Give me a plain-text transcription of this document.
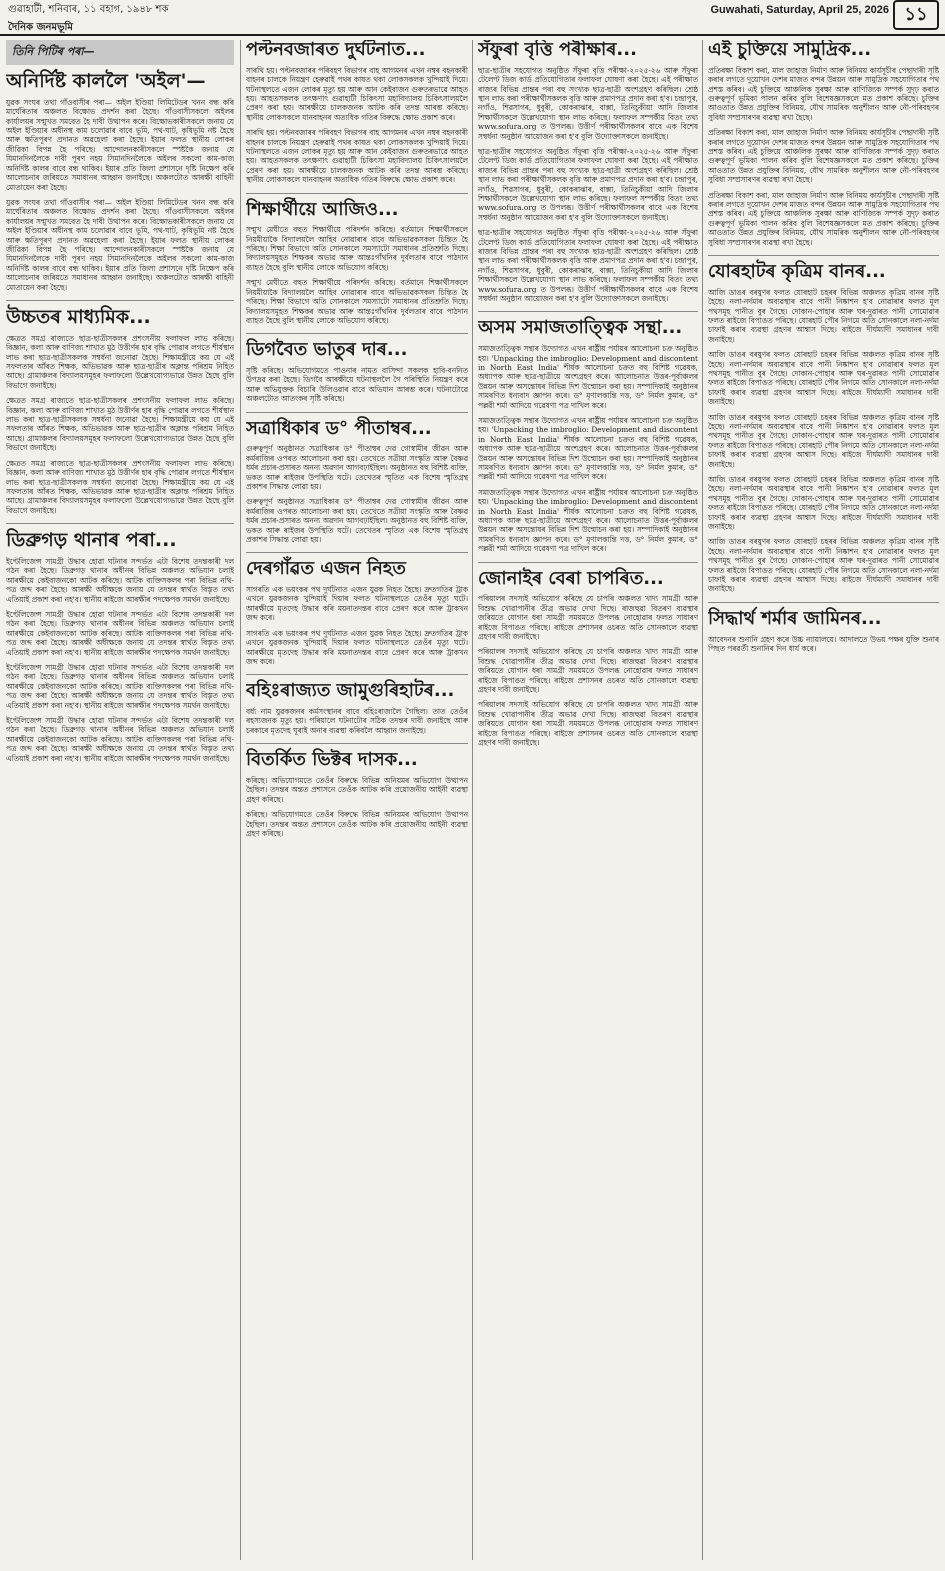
গুৱাহাটী, শনিবাৰ, ১১ বহাগ, ১৯৪৮ শক	Guwahati, Saturday, April 25, 2026 ১১
দৈনিক জনমভূমি
তিনি পিটিৰ পৰা—
অনিৰ্দিষ্ট কাললৈ 'অইল'—
যুৱক সংঘৰ তথা গাঁওবাসীৰ পৰা— অইল ইণ্ডিয়া লিমিটেডৰ খনন বন্ধ কৰি মাৰ্ঘেৰিতাৰ অঞ্চলত বিক্ষোভ প্ৰদৰ্শন কৰা হৈছে। গাঁওবাসীসকলে অইলৰ কাৰ্যালয়ৰ সন্মুখত সমবেত হৈ দাবী উত্থাপন কৰে। বিক্ষোভকাৰীসকলে জনায় যে অইল ইণ্ডিয়াৰ অধীনস্থ কাম চলোৱাৰ বাবে ভূমি, পথ-ঘাট, কৃষিভূমি নষ্ট হৈছে আৰু ক্ষতিপূৰণ প্ৰদানত অৱহেলা কৰা হৈছে। ইয়াৰ ফলত স্থানীয় লোকৰ জীৱিকা বিপন্ন হৈ পৰিছে। আন্দোলনকাৰীসকলে স্পষ্টকৈ জনায় যে যিমানদিনলৈকে দাবী পূৰণ নহয় সিমানদিনলৈকে অইলৰ সকলো কাম-কাজ অনিৰ্দিষ্ট কালৰ বাবে বন্ধ থাকিব। ইয়াৰ প্ৰতি জিলা প্ৰশাসনে দৃষ্টি নিক্ষেপ কৰি আলোচনাৰ জৰিয়তে সমাধানৰ আহ্বান জনাইছে। অঞ্চলটোত আৰক্ষী বাহিনী মোতায়েন কৰা হৈছে।
যুৱক সংঘৰ তথা গাঁওবাসীৰ পৰা— অইল ইণ্ডিয়া লিমিটেডৰ খনন বন্ধ কৰি মাৰ্ঘেৰিতাৰ অঞ্চলত বিক্ষোভ প্ৰদৰ্শন কৰা হৈছে। গাঁওবাসীসকলে অইলৰ কাৰ্যালয়ৰ সন্মুখত সমবেত হৈ দাবী উত্থাপন কৰে। বিক্ষোভকাৰীসকলে জনায় যে অইল ইণ্ডিয়াৰ অধীনস্থ কাম চলোৱাৰ বাবে ভূমি, পথ-ঘাট, কৃষিভূমি নষ্ট হৈছে আৰু ক্ষতিপূৰণ প্ৰদানত অৱহেলা কৰা হৈছে। ইয়াৰ ফলত স্থানীয় লোকৰ জীৱিকা বিপন্ন হৈ পৰিছে। আন্দোলনকাৰীসকলে স্পষ্টকৈ জনায় যে যিমানদিনলৈকে দাবী পূৰণ নহয় সিমানদিনলৈকে অইলৰ সকলো কাম-কাজ অনিৰ্দিষ্ট কালৰ বাবে বন্ধ থাকিব। ইয়াৰ প্ৰতি জিলা প্ৰশাসনে দৃষ্টি নিক্ষেপ কৰি আলোচনাৰ জৰিয়তে সমাধানৰ আহ্বান জনাইছে। অঞ্চলটোত আৰক্ষী বাহিনী মোতায়েন কৰা হৈছে।
উচ্চতৰ মাধ্যমিক...
ক্ষেত্ৰত সমগ্ৰ ৰাজ্যতে ছাত্ৰ-ছাত্ৰীসকলৰ প্ৰশংসনীয় ফলাফল লাভ কৰিছে। বিজ্ঞান, কলা আৰু বাণিজ্য শাখাত মুঠ উত্তীৰ্ণৰ হাৰ বৃদ্ধি পোৱাৰ লগতে শীৰ্ষস্থান লাভ কৰা ছাত্ৰ-ছাত্ৰীসকলক সম্বৰ্ধনা জনোৱা হৈছে। শিক্ষামন্ত্ৰীয়ে কয় যে এই সফলতাৰ আঁৰত শিক্ষক, অভিভাৱক আৰু ছাত্ৰ-ছাত্ৰীৰ অক্লান্ত পৰিশ্ৰম নিহিত আছে। গ্ৰামাঞ্চলৰ বিদ্যালয়সমূহৰ ফলাফলো উল্লেখযোগ্যভাৱে উন্নত হৈছে বুলি বিভাগে জনাইছে।
ক্ষেত্ৰত সমগ্ৰ ৰাজ্যতে ছাত্ৰ-ছাত্ৰীসকলৰ প্ৰশংসনীয় ফলাফল লাভ কৰিছে। বিজ্ঞান, কলা আৰু বাণিজ্য শাখাত মুঠ উত্তীৰ্ণৰ হাৰ বৃদ্ধি পোৱাৰ লগতে শীৰ্ষস্থান লাভ কৰা ছাত্ৰ-ছাত্ৰীসকলক সম্বৰ্ধনা জনোৱা হৈছে। শিক্ষামন্ত্ৰীয়ে কয় যে এই সফলতাৰ আঁৰত শিক্ষক, অভিভাৱক আৰু ছাত্ৰ-ছাত্ৰীৰ অক্লান্ত পৰিশ্ৰম নিহিত আছে। গ্ৰামাঞ্চলৰ বিদ্যালয়সমূহৰ ফলাফলো উল্লেখযোগ্যভাৱে উন্নত হৈছে বুলি বিভাগে জনাইছে।
ক্ষেত্ৰত সমগ্ৰ ৰাজ্যতে ছাত্ৰ-ছাত্ৰীসকলৰ প্ৰশংসনীয় ফলাফল লাভ কৰিছে। বিজ্ঞান, কলা আৰু বাণিজ্য শাখাত মুঠ উত্তীৰ্ণৰ হাৰ বৃদ্ধি পোৱাৰ লগতে শীৰ্ষস্থান লাভ কৰা ছাত্ৰ-ছাত্ৰীসকলক সম্বৰ্ধনা জনোৱা হৈছে। শিক্ষামন্ত্ৰীয়ে কয় যে এই সফলতাৰ আঁৰত শিক্ষক, অভিভাৱক আৰু ছাত্ৰ-ছাত্ৰীৰ অক্লান্ত পৰিশ্ৰম নিহিত আছে। গ্ৰামাঞ্চলৰ বিদ্যালয়সমূহৰ ফলাফলো উল্লেখযোগ্যভাৱে উন্নত হৈছে বুলি বিভাগে জনাইছে।
ডিব্ৰুগড় থানাৰ পৰা...
ইণ্টেলিজেন্স সামগ্ৰী উদ্ধাৰ হোৱা ঘটনাৰ সন্দৰ্ভত এটা বিশেষ তদন্তকাৰী দল গঠন কৰা হৈছে। ডিব্ৰুগড় থানাৰ অধীনৰ বিভিন্ন অঞ্চলত অভিযান চলাই আৰক্ষীয়ে কেইবাজনকো আটক কৰিছে। আটক ব্যক্তিসকলৰ পৰা বিভিন্ন নথি-পত্ৰ জব্দ কৰা হৈছে। আৰক্ষী অধীক্ষকে জনায় যে তদন্তৰ স্বাৰ্থত বিস্তৃত তথ্য এতিয়াই প্ৰকাশ কৰা নহ'ব। স্থানীয় ৰাইজে আৰক্ষীৰ পদক্ষেপক সমৰ্থন জনাইছে।
ইণ্টেলিজেন্স সামগ্ৰী উদ্ধাৰ হোৱা ঘটনাৰ সন্দৰ্ভত এটা বিশেষ তদন্তকাৰী দল গঠন কৰা হৈছে। ডিব্ৰুগড় থানাৰ অধীনৰ বিভিন্ন অঞ্চলত অভিযান চলাই আৰক্ষীয়ে কেইবাজনকো আটক কৰিছে। আটক ব্যক্তিসকলৰ পৰা বিভিন্ন নথি-পত্ৰ জব্দ কৰা হৈছে। আৰক্ষী অধীক্ষকে জনায় যে তদন্তৰ স্বাৰ্থত বিস্তৃত তথ্য এতিয়াই প্ৰকাশ কৰা নহ'ব। স্থানীয় ৰাইজে আৰক্ষীৰ পদক্ষেপক সমৰ্থন জনাইছে।
ইণ্টেলিজেন্স সামগ্ৰী উদ্ধাৰ হোৱা ঘটনাৰ সন্দৰ্ভত এটা বিশেষ তদন্তকাৰী দল গঠন কৰা হৈছে। ডিব্ৰুগড় থানাৰ অধীনৰ বিভিন্ন অঞ্চলত অভিযান চলাই আৰক্ষীয়ে কেইবাজনকো আটক কৰিছে। আটক ব্যক্তিসকলৰ পৰা বিভিন্ন নথি-পত্ৰ জব্দ কৰা হৈছে। আৰক্ষী অধীক্ষকে জনায় যে তদন্তৰ স্বাৰ্থত বিস্তৃত তথ্য এতিয়াই প্ৰকাশ কৰা নহ'ব। স্থানীয় ৰাইজে আৰক্ষীৰ পদক্ষেপক সমৰ্থন জনাইছে।
ইণ্টেলিজেন্স সামগ্ৰী উদ্ধাৰ হোৱা ঘটনাৰ সন্দৰ্ভত এটা বিশেষ তদন্তকাৰী দল গঠন কৰা হৈছে। ডিব্ৰুগড় থানাৰ অধীনৰ বিভিন্ন অঞ্চলত অভিযান চলাই আৰক্ষীয়ে কেইবাজনকো আটক কৰিছে। আটক ব্যক্তিসকলৰ পৰা বিভিন্ন নথি-পত্ৰ জব্দ কৰা হৈছে। আৰক্ষী অধীক্ষকে জনায় যে তদন্তৰ স্বাৰ্থত বিস্তৃত তথ্য এতিয়াই প্ৰকাশ কৰা নহ'ব। স্থানীয় ৰাইজে আৰক্ষীৰ পদক্ষেপক সমৰ্থন জনাইছে।
পল্টনবজাৰত দুৰ্ঘটনাত...
সাৰথি হয়। পল্টনবজাৰৰ পৰিবহণ বিভাগৰ বাহ আগমনৰ এখন নম্বৰ বহনকাৰী বাহনৰ চালকে নিয়ন্ত্ৰণ হেৰুৱাই পথৰ কাষত থকা লোকসকলক খুন্দিয়াই দিয়ে। ঘটনাস্থলতে এজন লোকৰ মৃত্যু হয় আৰু আন কেইবাজন গুৰুতৰভাৱে আহত হয়। আহতসকলক তৎক্ষণাৎ গুৱাহাটী চিকিৎসা মহাবিদ্যালয় চিকিৎসালয়লৈ প্ৰেৰণ কৰা হয়। আৰক্ষীয়ে চালকজনক আটক কৰি তদন্ত আৰম্ভ কৰিছে। স্থানীয় লোকসকলে যানবাহনৰ অত্যধিক গতিৰ বিৰুদ্ধে ক্ষোভ প্ৰকাশ কৰে।
সাৰথি হয়। পল্টনবজাৰৰ পৰিবহণ বিভাগৰ বাহ আগমনৰ এখন নম্বৰ বহনকাৰী বাহনৰ চালকে নিয়ন্ত্ৰণ হেৰুৱাই পথৰ কাষত থকা লোকসকলক খুন্দিয়াই দিয়ে। ঘটনাস্থলতে এজন লোকৰ মৃত্যু হয় আৰু আন কেইবাজন গুৰুতৰভাৱে আহত হয়। আহতসকলক তৎক্ষণাৎ গুৱাহাটী চিকিৎসা মহাবিদ্যালয় চিকিৎসালয়লৈ প্ৰেৰণ কৰা হয়। আৰক্ষীয়ে চালকজনক আটক কৰি তদন্ত আৰম্ভ কৰিছে। স্থানীয় লোকসকলে যানবাহনৰ অত্যধিক গতিৰ বিৰুদ্ধে ক্ষোভ প্ৰকাশ কৰে।
শিক্ষাৰ্থীয়ে আজিও...
সন্মুখ মেঘীতে বহুত শিক্ষাৰ্থীয়ে পৰিদৰ্শন কৰিছে। বৰ্তমানে শিক্ষাৰ্থীসকলে নিয়মীয়াকৈ বিদ্যালয়লৈ আহিব নোৱাৰাৰ বাবে অভিভাৱকসকল চিন্তিত হৈ পৰিছে। শিক্ষা বিভাগে অতি সোনকালে সমস্যাটো সমাধানৰ প্ৰতিশ্ৰুতি দিছে। বিদ্যালয়সমূহত শিক্ষকৰ অভাৱ আৰু আন্তঃগাঁথনিৰ দুৰ্বলতাৰ বাবে পাঠদান ব্যাহত হৈছে বুলি স্থানীয় লোকে অভিযোগ কৰিছে।
সন্মুখ মেঘীতে বহুত শিক্ষাৰ্থীয়ে পৰিদৰ্শন কৰিছে। বৰ্তমানে শিক্ষাৰ্থীসকলে নিয়মীয়াকৈ বিদ্যালয়লৈ আহিব নোৱাৰাৰ বাবে অভিভাৱকসকল চিন্তিত হৈ পৰিছে। শিক্ষা বিভাগে অতি সোনকালে সমস্যাটো সমাধানৰ প্ৰতিশ্ৰুতি দিছে। বিদ্যালয়সমূহত শিক্ষকৰ অভাৱ আৰু আন্তঃগাঁথনিৰ দুৰ্বলতাৰ বাবে পাঠদান ব্যাহত হৈছে বুলি স্থানীয় লোকে অভিযোগ কৰিছে।
ডিগবৈত ভাতুৰ দাৰ...
সৃষ্টি কৰিছে। অভিযোগমতে পাওনাৰ নামত বাসিন্দা সকলক হাবি-বননিত উপদ্ৰৱ কৰা হৈছে। ডিগবৈ আৰক্ষীয়ে ঘটনাস্থললৈ গৈ পৰিস্থিতি নিয়ন্ত্ৰণ কৰে আৰু অভিযুক্তক বিচাৰি উলিওৱাৰ বাবে অভিযান আৰম্ভ কৰে। ঘটনাটোৱে অঞ্চলটোত আতংকৰ সৃষ্টি কৰিছে।
সত্ৰাধিকাৰ ড° পীতাম্বৰ...
গুৰুত্বপূৰ্ণ অনুষ্ঠানত সত্ৰাধিকাৰ ড° পীতাম্বৰ দেৱ গোস্বামীৰ জীৱন আৰু কৰ্মৰাজিৰ ওপৰত আলোচনা কৰা হয়। তেখেতে সত্ৰীয়া সংস্কৃতি আৰু বৈষ্ণৱ ধৰ্মৰ প্ৰচাৰ-প্ৰসাৰত অনন্য অৱদান আগবঢ়াইছিল। অনুষ্ঠানত বহু বিশিষ্ট ব্যক্তি, ভকত আৰু ৰাইজৰ উপস্থিতি ঘটে। তেখেতৰ স্মৃতিত এক বিশেষ স্মৃতিগ্ৰন্থ প্ৰকাশৰ সিদ্ধান্ত লোৱা হয়।
গুৰুত্বপূৰ্ণ অনুষ্ঠানত সত্ৰাধিকাৰ ড° পীতাম্বৰ দেৱ গোস্বামীৰ জীৱন আৰু কৰ্মৰাজিৰ ওপৰত আলোচনা কৰা হয়। তেখেতে সত্ৰীয়া সংস্কৃতি আৰু বৈষ্ণৱ ধৰ্মৰ প্ৰচাৰ-প্ৰসাৰত অনন্য অৱদান আগবঢ়াইছিল। অনুষ্ঠানত বহু বিশিষ্ট ব্যক্তি, ভকত আৰু ৰাইজৰ উপস্থিতি ঘটে। তেখেতৰ স্মৃতিত এক বিশেষ স্মৃতিগ্ৰন্থ প্ৰকাশৰ সিদ্ধান্ত লোৱা হয়।
দেৰগাঁৱত এজন নিহত
সাগৰতি এক ভয়ংকৰ পথ দুৰ্ঘটনাত এজন যুৱক নিহত হৈছে। দ্ৰুতগতিৰ ট্ৰাক এখনে যুৱকজনক খুন্দিয়াই দিয়াৰ ফলত ঘটনাস্থলতে তেওঁৰ মৃত্যু ঘটে। আৰক্ষীয়ে মৃতদেহ উদ্ধাৰ কৰি ময়নাতদন্তৰ বাবে প্ৰেৰণ কৰে আৰু ট্ৰাকখন জব্দ কৰে।
সাগৰতি এক ভয়ংকৰ পথ দুৰ্ঘটনাত এজন যুৱক নিহত হৈছে। দ্ৰুতগতিৰ ট্ৰাক এখনে যুৱকজনক খুন্দিয়াই দিয়াৰ ফলত ঘটনাস্থলতে তেওঁৰ মৃত্যু ঘটে। আৰক্ষীয়ে মৃতদেহ উদ্ধাৰ কৰি ময়নাতদন্তৰ বাবে প্ৰেৰণ কৰে আৰু ট্ৰাকখন জব্দ কৰে।
বহিঃৰাজ্যত জামুগুৰিহাটৰ...
বৰ্ধ্য নাম যুৱকজনৰ কৰ্মসংস্থানৰ বাবে বহিঃৰাজ্যলৈ গৈছিল। তাত তেওঁৰ ৰহস্যজনক মৃত্যু হয়। পৰিয়ালে ঘটনাটোৰ সঠিক তদন্তৰ দাবী জনাইছে আৰু চৰকাৰে মৃতদেহ ঘূৰাই অনাৰ ব্যৱস্থা কৰিবলৈ আহ্বান জনাইছে।
বিতৰ্কিত ভিক্টৰ দাসক...
কৰিছে। অভিযোগমতে তেওঁৰ বিৰুদ্ধে বিভিন্ন অনিয়মৰ অভিযোগ উত্থাপন হৈছিল। তদন্তৰ অন্তত প্ৰশাসনে তেওঁক আটক কৰি প্ৰয়োজনীয় আইনী ব্যৱস্থা গ্ৰহণ কৰিছে।
কৰিছে। অভিযোগমতে তেওঁৰ বিৰুদ্ধে বিভিন্ন অনিয়মৰ অভিযোগ উত্থাপন হৈছিল। তদন্তৰ অন্তত প্ৰশাসনে তেওঁক আটক কৰি প্ৰয়োজনীয় আইনী ব্যৱস্থা গ্ৰহণ কৰিছে।
সঁফুৰা বৃত্তি পৰীক্ষাৰ...
ছাত্ৰ-ছাত্ৰীৰ সহযোগত অনুষ্ঠিত সঁফুৰা বৃত্তি পৰীক্ষা-২০২৫-২৬ আৰু সঁফুৰা টেলেণ্ট ডিজ কাৰ্ড প্ৰতিযোগিতাৰ ফলাফল ঘোষণা কৰা হৈছে। এই পৰীক্ষাত ৰাজ্যৰ বিভিন্ন প্ৰান্তৰ পৰা বহু সংখ্যক ছাত্ৰ-ছাত্ৰী অংশগ্ৰহণ কৰিছিল। শ্ৰেষ্ঠ স্থান লাভ কৰা পৰীক্ষাৰ্থীসকলক বৃত্তি আৰু প্ৰমাণপত্ৰ প্ৰদান কৰা হ'ব। চন্দ্ৰাপুৰ, নগাঁও, শিৱসাগৰ, ধুবুৰী, কোকৰাঝাৰ, বাক্সা, তিনিচুকীয়া আদি জিলাৰ শিক্ষাৰ্থীসকলে উল্লেখযোগ্য স্থান লাভ কৰিছে। ফলাফল সম্পৰ্কীয় বিতং তথ্য www.sofura.org ত উপলব্ধ। উত্তীৰ্ণ পৰীক্ষাৰ্থীসকলৰ বাবে এক বিশেষ সম্বৰ্ধনা অনুষ্ঠান আয়োজন কৰা হ'ব বুলি উদ্যোক্তাসকলে জনাইছে।
ছাত্ৰ-ছাত্ৰীৰ সহযোগত অনুষ্ঠিত সঁফুৰা বৃত্তি পৰীক্ষা-২০২৫-২৬ আৰু সঁফুৰা টেলেণ্ট ডিজ কাৰ্ড প্ৰতিযোগিতাৰ ফলাফল ঘোষণা কৰা হৈছে। এই পৰীক্ষাত ৰাজ্যৰ বিভিন্ন প্ৰান্তৰ পৰা বহু সংখ্যক ছাত্ৰ-ছাত্ৰী অংশগ্ৰহণ কৰিছিল। শ্ৰেষ্ঠ স্থান লাভ কৰা পৰীক্ষাৰ্থীসকলক বৃত্তি আৰু প্ৰমাণপত্ৰ প্ৰদান কৰা হ'ব। চন্দ্ৰাপুৰ, নগাঁও, শিৱসাগৰ, ধুবুৰী, কোকৰাঝাৰ, বাক্সা, তিনিচুকীয়া আদি জিলাৰ শিক্ষাৰ্থীসকলে উল্লেখযোগ্য স্থান লাভ কৰিছে। ফলাফল সম্পৰ্কীয় বিতং তথ্য www.sofura.org ত উপলব্ধ। উত্তীৰ্ণ পৰীক্ষাৰ্থীসকলৰ বাবে এক বিশেষ সম্বৰ্ধনা অনুষ্ঠান আয়োজন কৰা হ'ব বুলি উদ্যোক্তাসকলে জনাইছে।
ছাত্ৰ-ছাত্ৰীৰ সহযোগত অনুষ্ঠিত সঁফুৰা বৃত্তি পৰীক্ষা-২০২৫-২৬ আৰু সঁফুৰা টেলেণ্ট ডিজ কাৰ্ড প্ৰতিযোগিতাৰ ফলাফল ঘোষণা কৰা হৈছে। এই পৰীক্ষাত ৰাজ্যৰ বিভিন্ন প্ৰান্তৰ পৰা বহু সংখ্যক ছাত্ৰ-ছাত্ৰী অংশগ্ৰহণ কৰিছিল। শ্ৰেষ্ঠ স্থান লাভ কৰা পৰীক্ষাৰ্থীসকলক বৃত্তি আৰু প্ৰমাণপত্ৰ প্ৰদান কৰা হ'ব। চন্দ্ৰাপুৰ, নগাঁও, শিৱসাগৰ, ধুবুৰী, কোকৰাঝাৰ, বাক্সা, তিনিচুকীয়া আদি জিলাৰ শিক্ষাৰ্থীসকলে উল্লেখযোগ্য স্থান লাভ কৰিছে। ফলাফল সম্পৰ্কীয় বিতং তথ্য www.sofura.org ত উপলব্ধ। উত্তীৰ্ণ পৰীক্ষাৰ্থীসকলৰ বাবে এক বিশেষ সম্বৰ্ধনা অনুষ্ঠান আয়োজন কৰা হ'ব বুলি উদ্যোক্তাসকলে জনাইছে।
অসম সমাজতাত্ত্বিক সন্থা...
সমাজতাত্ত্বিক সন্থাৰ উদ্যোগত এখন ৰাষ্ট্ৰীয় পৰ্যায়ৰ আলোচনা চক্ৰ অনুষ্ঠিত হয়। 'Unpacking the imbroglio: Development and discontent in North East India' শীৰ্ষক আলোচনা চক্ৰত বহু বিশিষ্ট গৱেষক, অধ্যাপক আৰু ছাত্ৰ-ছাত্ৰীয়ে অংশগ্ৰহণ কৰে। আলোচনাত উত্তৰ-পূৰ্বাঞ্চলৰ উন্নয়ন আৰু অসন্তোষৰ বিভিন্ন দিশ উন্মোচন কৰা হয়। সম্পাদিকাই অনুষ্ঠানৰ সামৰণিত ধন্যবাদ জ্ঞাপন কৰে। ড° মৃণালকান্তি দত্ত, ড° নিৰ্মল কুমাৰ, ড° পল্লৱী শৰ্মা আদিয়ে গৱেষণা পত্ৰ দাখিল কৰে।
সমাজতাত্ত্বিক সন্থাৰ উদ্যোগত এখন ৰাষ্ট্ৰীয় পৰ্যায়ৰ আলোচনা চক্ৰ অনুষ্ঠিত হয়। 'Unpacking the imbroglio: Development and discontent in North East India' শীৰ্ষক আলোচনা চক্ৰত বহু বিশিষ্ট গৱেষক, অধ্যাপক আৰু ছাত্ৰ-ছাত্ৰীয়ে অংশগ্ৰহণ কৰে। আলোচনাত উত্তৰ-পূৰ্বাঞ্চলৰ উন্নয়ন আৰু অসন্তোষৰ বিভিন্ন দিশ উন্মোচন কৰা হয়। সম্পাদিকাই অনুষ্ঠানৰ সামৰণিত ধন্যবাদ জ্ঞাপন কৰে। ড° মৃণালকান্তি দত্ত, ড° নিৰ্মল কুমাৰ, ড° পল্লৱী শৰ্মা আদিয়ে গৱেষণা পত্ৰ দাখিল কৰে।
সমাজতাত্ত্বিক সন্থাৰ উদ্যোগত এখন ৰাষ্ট্ৰীয় পৰ্যায়ৰ আলোচনা চক্ৰ অনুষ্ঠিত হয়। 'Unpacking the imbroglio: Development and discontent in North East India' শীৰ্ষক আলোচনা চক্ৰত বহু বিশিষ্ট গৱেষক, অধ্যাপক আৰু ছাত্ৰ-ছাত্ৰীয়ে অংশগ্ৰহণ কৰে। আলোচনাত উত্তৰ-পূৰ্বাঞ্চলৰ উন্নয়ন আৰু অসন্তোষৰ বিভিন্ন দিশ উন্মোচন কৰা হয়। সম্পাদিকাই অনুষ্ঠানৰ সামৰণিত ধন্যবাদ জ্ঞাপন কৰে। ড° মৃণালকান্তি দত্ত, ড° নিৰ্মল কুমাৰ, ড° পল্লৱী শৰ্মা আদিয়ে গৱেষণা পত্ৰ দাখিল কৰে।
জোনাইৰ বেৰা চাপৰিত...
পৰিয়ালৰ সদস্যই অভিযোগ কৰিছে যে চাপৰি অঞ্চলত খাদ্য সামগ্ৰী আৰু বিশুদ্ধ খোৱাপানীৰ তীব্ৰ অভাৱ দেখা দিছে। ৰাজহুৱা বিতৰণ ব্যৱস্থাৰ জৰিয়তে যোগান ধৰা সামগ্ৰী সময়মতে উপলব্ধ নোহোৱাৰ ফলত সাধাৰণ ৰাইজে বিপাঙত পৰিছে। ৰাইজে প্ৰশাসনৰ ওচৰত অতি সোনকালে ব্যৱস্থা গ্ৰহণৰ দাবী জনাইছে।
পৰিয়ালৰ সদস্যই অভিযোগ কৰিছে যে চাপৰি অঞ্চলত খাদ্য সামগ্ৰী আৰু বিশুদ্ধ খোৱাপানীৰ তীব্ৰ অভাৱ দেখা দিছে। ৰাজহুৱা বিতৰণ ব্যৱস্থাৰ জৰিয়তে যোগান ধৰা সামগ্ৰী সময়মতে উপলব্ধ নোহোৱাৰ ফলত সাধাৰণ ৰাইজে বিপাঙত পৰিছে। ৰাইজে প্ৰশাসনৰ ওচৰত অতি সোনকালে ব্যৱস্থা গ্ৰহণৰ দাবী জনাইছে।
পৰিয়ালৰ সদস্যই অভিযোগ কৰিছে যে চাপৰি অঞ্চলত খাদ্য সামগ্ৰী আৰু বিশুদ্ধ খোৱাপানীৰ তীব্ৰ অভাৱ দেখা দিছে। ৰাজহুৱা বিতৰণ ব্যৱস্থাৰ জৰিয়তে যোগান ধৰা সামগ্ৰী সময়মতে উপলব্ধ নোহোৱাৰ ফলত সাধাৰণ ৰাইজে বিপাঙত পৰিছে। ৰাইজে প্ৰশাসনৰ ওচৰত অতি সোনকালে ব্যৱস্থা গ্ৰহণৰ দাবী জনাইছে।
এই চুক্তিয়ে সামুদ্ৰিক...
প্ৰতিৰক্ষা বিকাশ কৰা, মাল জাহাজ নিৰ্মাণ আৰু বিনিময় কাৰ্যসূচীৰ পেছাদাৰী সৃষ্টি কৰাৰ লগতে দুয়োখন দেশৰ মাজত বন্দৰ উন্নয়ন আৰু সামুদ্ৰিক সহযোগিতাৰ পথ প্ৰশস্ত কৰিব। এই চুক্তিয়ে আঞ্চলিক সুৰক্ষা আৰু বাণিজ্যিক সম্পৰ্ক সুদৃঢ় কৰাত গুৰুত্বপূৰ্ণ ভূমিকা পালন কৰিব বুলি বিশেষজ্ঞসকলে মত প্ৰকাশ কৰিছে। চুক্তিৰ আওতাত উন্নত প্ৰযুক্তিৰ বিনিময়, যৌথ সামৰিক অনুশীলন আৰু নৌ-পৰিবহণৰ সুবিধা সম্প্ৰসাৰণৰ ব্যৱস্থা ৰখা হৈছে।
প্ৰতিৰক্ষা বিকাশ কৰা, মাল জাহাজ নিৰ্মাণ আৰু বিনিময় কাৰ্যসূচীৰ পেছাদাৰী সৃষ্টি কৰাৰ লগতে দুয়োখন দেশৰ মাজত বন্দৰ উন্নয়ন আৰু সামুদ্ৰিক সহযোগিতাৰ পথ প্ৰশস্ত কৰিব। এই চুক্তিয়ে আঞ্চলিক সুৰক্ষা আৰু বাণিজ্যিক সম্পৰ্ক সুদৃঢ় কৰাত গুৰুত্বপূৰ্ণ ভূমিকা পালন কৰিব বুলি বিশেষজ্ঞসকলে মত প্ৰকাশ কৰিছে। চুক্তিৰ আওতাত উন্নত প্ৰযুক্তিৰ বিনিময়, যৌথ সামৰিক অনুশীলন আৰু নৌ-পৰিবহণৰ সুবিধা সম্প্ৰসাৰণৰ ব্যৱস্থা ৰখা হৈছে।
প্ৰতিৰক্ষা বিকাশ কৰা, মাল জাহাজ নিৰ্মাণ আৰু বিনিময় কাৰ্যসূচীৰ পেছাদাৰী সৃষ্টি কৰাৰ লগতে দুয়োখন দেশৰ মাজত বন্দৰ উন্নয়ন আৰু সামুদ্ৰিক সহযোগিতাৰ পথ প্ৰশস্ত কৰিব। এই চুক্তিয়ে আঞ্চলিক সুৰক্ষা আৰু বাণিজ্যিক সম্পৰ্ক সুদৃঢ় কৰাত গুৰুত্বপূৰ্ণ ভূমিকা পালন কৰিব বুলি বিশেষজ্ঞসকলে মত প্ৰকাশ কৰিছে। চুক্তিৰ আওতাত উন্নত প্ৰযুক্তিৰ বিনিময়, যৌথ সামৰিক অনুশীলন আৰু নৌ-পৰিবহণৰ সুবিধা সম্প্ৰসাৰণৰ ব্যৱস্থা ৰখা হৈছে।
যোৰহাটৰ কৃত্ৰিম বানৰ...
আজি ডাঙৰ বৰষুণৰ ফলত যোৰহাট চহৰৰ বিভিন্ন অঞ্চলত কৃত্ৰিম বানৰ সৃষ্টি হৈছে। নলা-নৰ্দমাৰ অব্যৱস্থাৰ বাবে পানী নিষ্কাশন হ'ব নোৱাৰাৰ ফলত মূল পথসমূহ পানীত বুৰ গৈছে। দোকান-পোহাৰ আৰু ঘৰ-দুৱাৰত পানী সোমোৱাৰ ফলত ৰাইজে বিপাঙত পৰিছে। যোৰহাট পৌৰ নিগমে অতি সোনকালে নলা-নৰ্দমা চাফাই কৰাৰ ব্যৱস্থা গ্ৰহণৰ আশ্বাস দিছে। ৰাইজে দীৰ্ঘম্যাদী সমাধানৰ দাবী জনাইছে।
আজি ডাঙৰ বৰষুণৰ ফলত যোৰহাট চহৰৰ বিভিন্ন অঞ্চলত কৃত্ৰিম বানৰ সৃষ্টি হৈছে। নলা-নৰ্দমাৰ অব্যৱস্থাৰ বাবে পানী নিষ্কাশন হ'ব নোৱাৰাৰ ফলত মূল পথসমূহ পানীত বুৰ গৈছে। দোকান-পোহাৰ আৰু ঘৰ-দুৱাৰত পানী সোমোৱাৰ ফলত ৰাইজে বিপাঙত পৰিছে। যোৰহাট পৌৰ নিগমে অতি সোনকালে নলা-নৰ্দমা চাফাই কৰাৰ ব্যৱস্থা গ্ৰহণৰ আশ্বাস দিছে। ৰাইজে দীৰ্ঘম্যাদী সমাধানৰ দাবী জনাইছে।
আজি ডাঙৰ বৰষুণৰ ফলত যোৰহাট চহৰৰ বিভিন্ন অঞ্চলত কৃত্ৰিম বানৰ সৃষ্টি হৈছে। নলা-নৰ্দমাৰ অব্যৱস্থাৰ বাবে পানী নিষ্কাশন হ'ব নোৱাৰাৰ ফলত মূল পথসমূহ পানীত বুৰ গৈছে। দোকান-পোহাৰ আৰু ঘৰ-দুৱাৰত পানী সোমোৱাৰ ফলত ৰাইজে বিপাঙত পৰিছে। যোৰহাট পৌৰ নিগমে অতি সোনকালে নলা-নৰ্দমা চাফাই কৰাৰ ব্যৱস্থা গ্ৰহণৰ আশ্বাস দিছে। ৰাইজে দীৰ্ঘম্যাদী সমাধানৰ দাবী জনাইছে।
আজি ডাঙৰ বৰষুণৰ ফলত যোৰহাট চহৰৰ বিভিন্ন অঞ্চলত কৃত্ৰিম বানৰ সৃষ্টি হৈছে। নলা-নৰ্দমাৰ অব্যৱস্থাৰ বাবে পানী নিষ্কাশন হ'ব নোৱাৰাৰ ফলত মূল পথসমূহ পানীত বুৰ গৈছে। দোকান-পোহাৰ আৰু ঘৰ-দুৱাৰত পানী সোমোৱাৰ ফলত ৰাইজে বিপাঙত পৰিছে। যোৰহাট পৌৰ নিগমে অতি সোনকালে নলা-নৰ্দমা চাফাই কৰাৰ ব্যৱস্থা গ্ৰহণৰ আশ্বাস দিছে। ৰাইজে দীৰ্ঘম্যাদী সমাধানৰ দাবী জনাইছে।
আজি ডাঙৰ বৰষুণৰ ফলত যোৰহাট চহৰৰ বিভিন্ন অঞ্চলত কৃত্ৰিম বানৰ সৃষ্টি হৈছে। নলা-নৰ্দমাৰ অব্যৱস্থাৰ বাবে পানী নিষ্কাশন হ'ব নোৱাৰাৰ ফলত মূল পথসমূহ পানীত বুৰ গৈছে। দোকান-পোহাৰ আৰু ঘৰ-দুৱাৰত পানী সোমোৱাৰ ফলত ৰাইজে বিপাঙত পৰিছে। যোৰহাট পৌৰ নিগমে অতি সোনকালে নলা-নৰ্দমা চাফাই কৰাৰ ব্যৱস্থা গ্ৰহণৰ আশ্বাস দিছে। ৰাইজে দীৰ্ঘম্যাদী সমাধানৰ দাবী জনাইছে।
সিদ্ধাৰ্থ শৰ্মাৰ জামিনৰ...
আবেদনৰ শুনানি গ্ৰহণ কৰে উচ্চ ন্যায়ালয়ে। আদালতে উভয় পক্ষৰ যুক্তি শুনাৰ পিছত পৰৱৰ্তী শুনানিৰ দিন ধাৰ্য কৰে।
